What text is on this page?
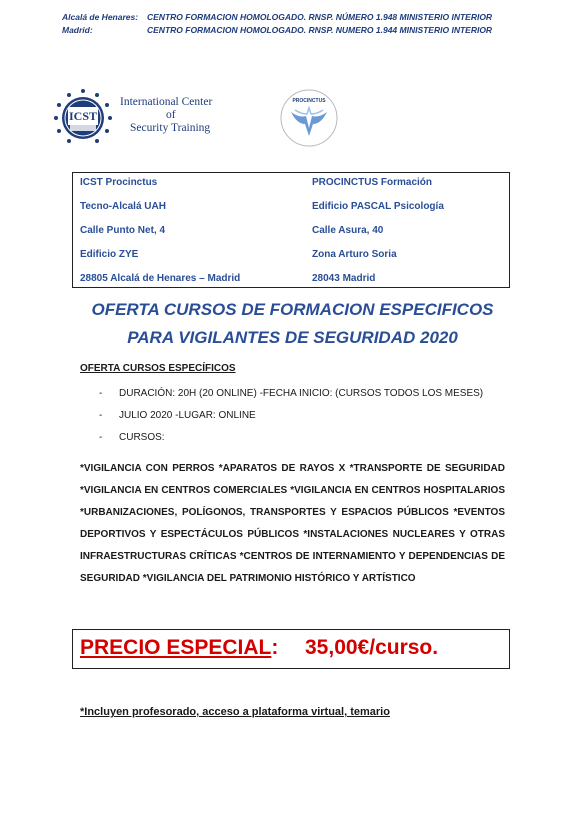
Alcalá de Henares: CENTRO FORMACION HOMOLOGADO. RNSP. NÚMERO 1.948 MINISTERIO INTERIOR
Madrid:	CENTRO FORMACION HOMOLOGADO. RNSP. NUMERO 1.944 MINISTERIO INTERIOR
ICST
International Center
of
Security Training
PROCINCTUS
ICST Procinctus
Tecno-Alcalá UAH
Calle Punto Net, 4
Edificio ZYE
28805 Alcalá de Henares – Madrid
PROCINCTUS Formación
Edificio PASCAL Psicología
Calle Asura, 40
Zona Arturo Soria
28043 Madrid
OFERTA CURSOS DE FORMACION ESPECIFICOS
PARA VIGILANTES DE SEGURIDAD 2020
OFERTA CURSOS ESPECÍFICOS
- DURACIÓN: 20H (20 ONLINE) -FECHA INICIO: (CURSOS TODOS LOS MESES)
- JULIO 2020 -LUGAR: ONLINE
- CURSOS:
*VIGILANCIA CON PERROS *APARATOS DE RAYOS X *TRANSPORTE DE SEGURIDAD *VIGILANCIA EN CENTROS COMERCIALES *VIGILANCIA EN CENTROS HOSPITALARIOS *URBANIZACIONES, POLÍGONOS, TRANSPORTES Y ESPACIOS PÚBLICOS *EVENTOS DEPORTIVOS Y ESPECTÁCULOS PÚBLICOS *INSTALACIONES NUCLEARES Y OTRAS INFRAESTRUCTURAS CRÍTICAS *CENTROS DE INTERNAMIENTO Y DEPENDENCIAS DE SEGURIDAD *VIGILANCIA DEL PATRIMONIO HISTÓRICO Y ARTÍSTICO
PRECIO ESPECIAL: 35,00€/curso.
*Incluyen profesorado, acceso a plataforma virtual, temario
